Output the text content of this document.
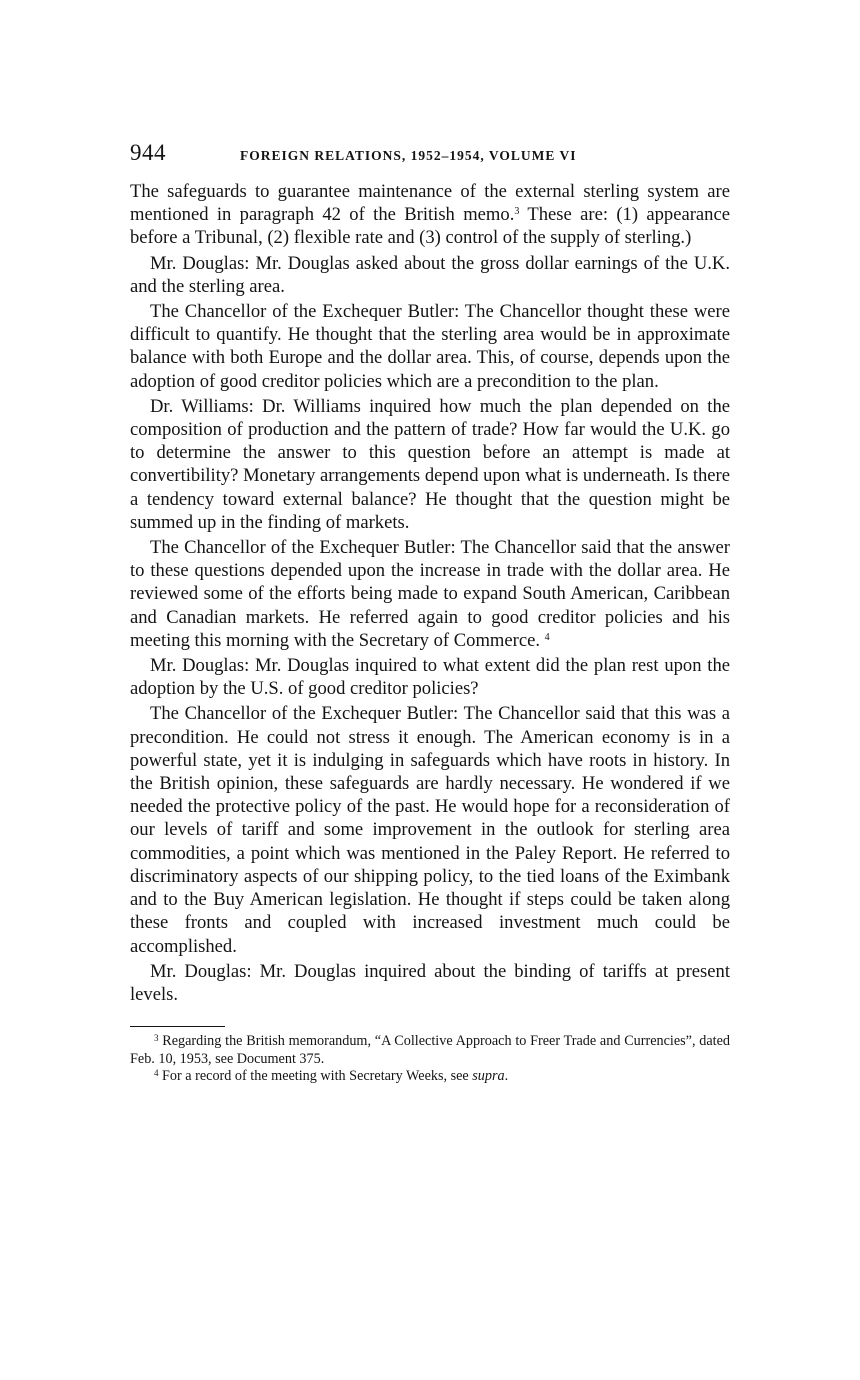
944	FOREIGN RELATIONS, 1952–1954, VOLUME VI

The safeguards to guarantee maintenance of the external sterling system are mentioned in paragraph 42 of the British memo.$^3$ These are: (1) appearance before a Tribunal, (2) flexible rate and (3) control of the supply of sterling.)

Mr. Douglas: Mr. Douglas asked about the gross dollar earnings of the U.K. and the sterling area.

The Chancellor of the Exchequer Butler: The Chancellor thought these were difficult to quantify. He thought that the sterling area would be in approximate balance with both Europe and the dollar area. This, of course, depends upon the adoption of good creditor policies which are a precondition to the plan.

Dr. Williams: Dr. Williams inquired how much the plan depended on the composition of production and the pattern of trade? How far would the U.K. go to determine the answer to this question before an attempt is made at convertibility? Monetary arrangements depend upon what is underneath. Is there a tendency toward external balance? He thought that the question might be summed up in the finding of markets.

The Chancellor of the Exchequer Butler: The Chancellor said that the answer to these questions depended upon the increase in trade with the dollar area. He reviewed some of the efforts being made to expand South American, Caribbean and Canadian markets. He referred again to good creditor policies and his meeting this morning with the Secretary of Commerce. $^4$

Mr. Douglas: Mr. Douglas inquired to what extent did the plan rest upon the adoption by the U.S. of good creditor policies?

The Chancellor of the Exchequer Butler: The Chancellor said that this was a precondition. He could not stress it enough. The American economy is in a powerful state, yet it is indulging in safeguards which have roots in history. In the British opinion, these safeguards are hardly necessary. He wondered if we needed the protective policy of the past. He would hope for a reconsideration of our levels of tariff and some improvement in the outlook for sterling area commodities, a point which was mentioned in the Paley Report. He referred to discriminatory aspects of our shipping policy, to the tied loans of the Eximbank and to the Buy American legislation. He thought if steps could be taken along these fronts and coupled with increased investment much could be accomplished.

Mr. Douglas: Mr. Douglas inquired about the binding of tariffs at present levels.

$^3$ Regarding the British memorandum, “A Collective Approach to Freer Trade and Currencies”, dated Feb. 10, 1953, see Document 375.

$^4$ For a record of the meeting with Secretary Weeks, see supra.
